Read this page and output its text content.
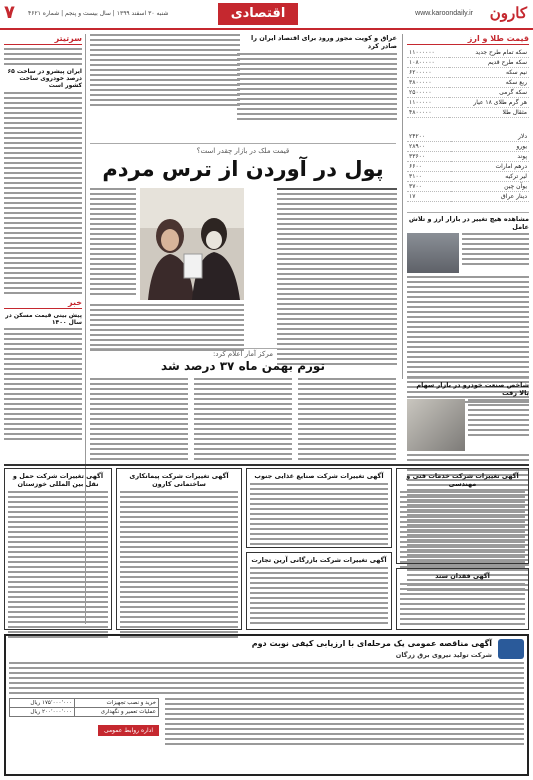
کارون
www.karoondaily.ir
اقتصادی
شنبه ۳۰ اسفند ۱۳۹۹ | سال بیست و پنجم | شماره ۴۶۲۱
۷
قیمت طلا و ارز
سکه تمام طرح جدید	۱۱۰۰۰۰۰۰
سکه طرح قدیم	۱۰۸۰۰۰۰۰
نیم سکه	۶۲۰۰۰۰۰
ربع سکه	۳۸۰۰۰۰۰
سکه گرمی	۲۵۰۰۰۰۰
هر گرم طلای ۱۸ عیار	۱۱۰۰۰۰۰
مثقال طلا	۴۸۰۰۰۰۰
دلار	۲۴۲۰۰
یورو	۲۸۹۰۰
پوند	۳۳۶۰۰
درهم امارات	۶۶۰۰
لیر ترکیه	۳۱۰۰
یوآن چین	۳۷۰۰
دینار عراق	۱۷
مشاهده هیچ تغییر در بازار ارز و تلاش عامل
شاخص صنعت خودرو در بازار سهام بالا رفت
عراق و کویت مجوز ورود برای اقتصاد ایران را صادر کرد
قیمت ملک در بازار چقدر است؟
پول در آوردن از ترس مردم
مرکز آمار اعلام کرد:
تورم بهمن ماه ۳۷ درصد شد
سرتیتر
ایران پیشرو در ساخت ۶۵ درصد خودروی ساخت کشور است
خبر
پیش بینی قیمت مسکن در سال ۱۴۰۰
آگهی تغییرات شرکت حمل و نقل بین المللی خوزستان
آگهی تغییرات شرکت پیمانکاری ساختمانی کارون
آگهی تغییرات شرکت صنایع غذایی جنوب
آگهی تغییرات شرکت بازرگانی آرین تجارت
آگهی تغییرات شرکت خدمات فنی و مهندسی
آگهی فقدان سند
آگهی مناقصه عمومی یک مرحله‌ای با ارزیابی کیفی نوبت دوم
شرکت تولید نیروی برق زرگان
خرید و نصب تجهیزات	۱۷۵٬۰۰۰٬۰۰۰ ریال
عملیات تعمیر و نگهداری	۲۰۰٬۰۰۰٬۰۰۰ ریال
اداره روابط عمومی
